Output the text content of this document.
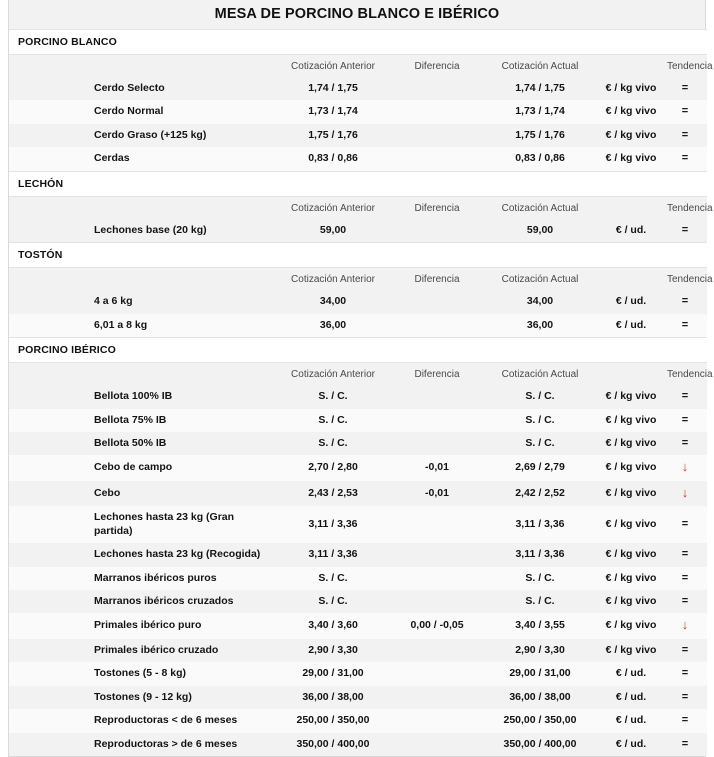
MESA DE PORCINO BLANCO E IBÉRICO
PORCINO BLANCO					
	Cotización Anterior	Diferencia	Cotización Actual		Tendencia
Cerdo Selecto	1,74 / 1,75		1,74 / 1,75	€ / kg vivo	=
Cerdo Normal	1,73 / 1,74		1,73 / 1,74	€ / kg vivo	=
Cerdo Graso (+125 kg)	1,75 / 1,76		1,75 / 1,76	€ / kg vivo	=
Cerdas	0,83 / 0,86		0,83 / 0,86	€ / kg vivo	=
LECHÓN					
	Cotización Anterior	Diferencia	Cotización Actual		Tendencia
Lechones base (20 kg)	59,00		59,00	€ / ud.	=
TOSTÓN					
	Cotización Anterior	Diferencia	Cotización Actual		Tendencia
4 a 6 kg	34,00		34,00	€ / ud.	=
6,01 a 8 kg	36,00		36,00	€ / ud.	=
PORCINO IBÉRICO					
	Cotización Anterior	Diferencia	Cotización Actual		Tendencia
Bellota 100% IB	S. / C.		S. / C.	€ / kg vivo	=
Bellota 75% IB	S. / C.		S. / C.	€ / kg vivo	=
Bellota 50% IB	S. / C.		S. / C.	€ / kg vivo	=
Cebo de campo	2,70 / 2,80	-0,01	2,69 / 2,79	€ / kg vivo	↓
Cebo	2,43 / 2,53	-0,01	2,42 / 2,52	€ / kg vivo	↓
Lechones hasta 23 kg (Gran partida)	3,11 / 3,36		3,11 / 3,36	€ / kg vivo	=
Lechones hasta 23 kg (Recogida)	3,11 / 3,36		3,11 / 3,36	€ / kg vivo	=
Marranos ibéricos puros	S. / C.		S. / C.	€ / kg vivo	=
Marranos ibéricos cruzados	S. / C.		S. / C.	€ / kg vivo	=
Primales ibérico puro	3,40 / 3,60	0,00 / -0,05	3,40 / 3,55	€ / kg vivo	↓
Primales ibérico cruzado	2,90 / 3,30		2,90 / 3,30	€ / kg vivo	=
Tostones (5 - 8 kg)	29,00 / 31,00		29,00 / 31,00	€ / ud.	=
Tostones (9 - 12 kg)	36,00 / 38,00		36,00 / 38,00	€ / ud.	=
Reproductoras < de 6 meses	250,00 / 350,00		250,00 / 350,00	€ / ud.	=
Reproductoras > de 6 meses	350,00 / 400,00		350,00 / 400,00	€ / ud.	=
